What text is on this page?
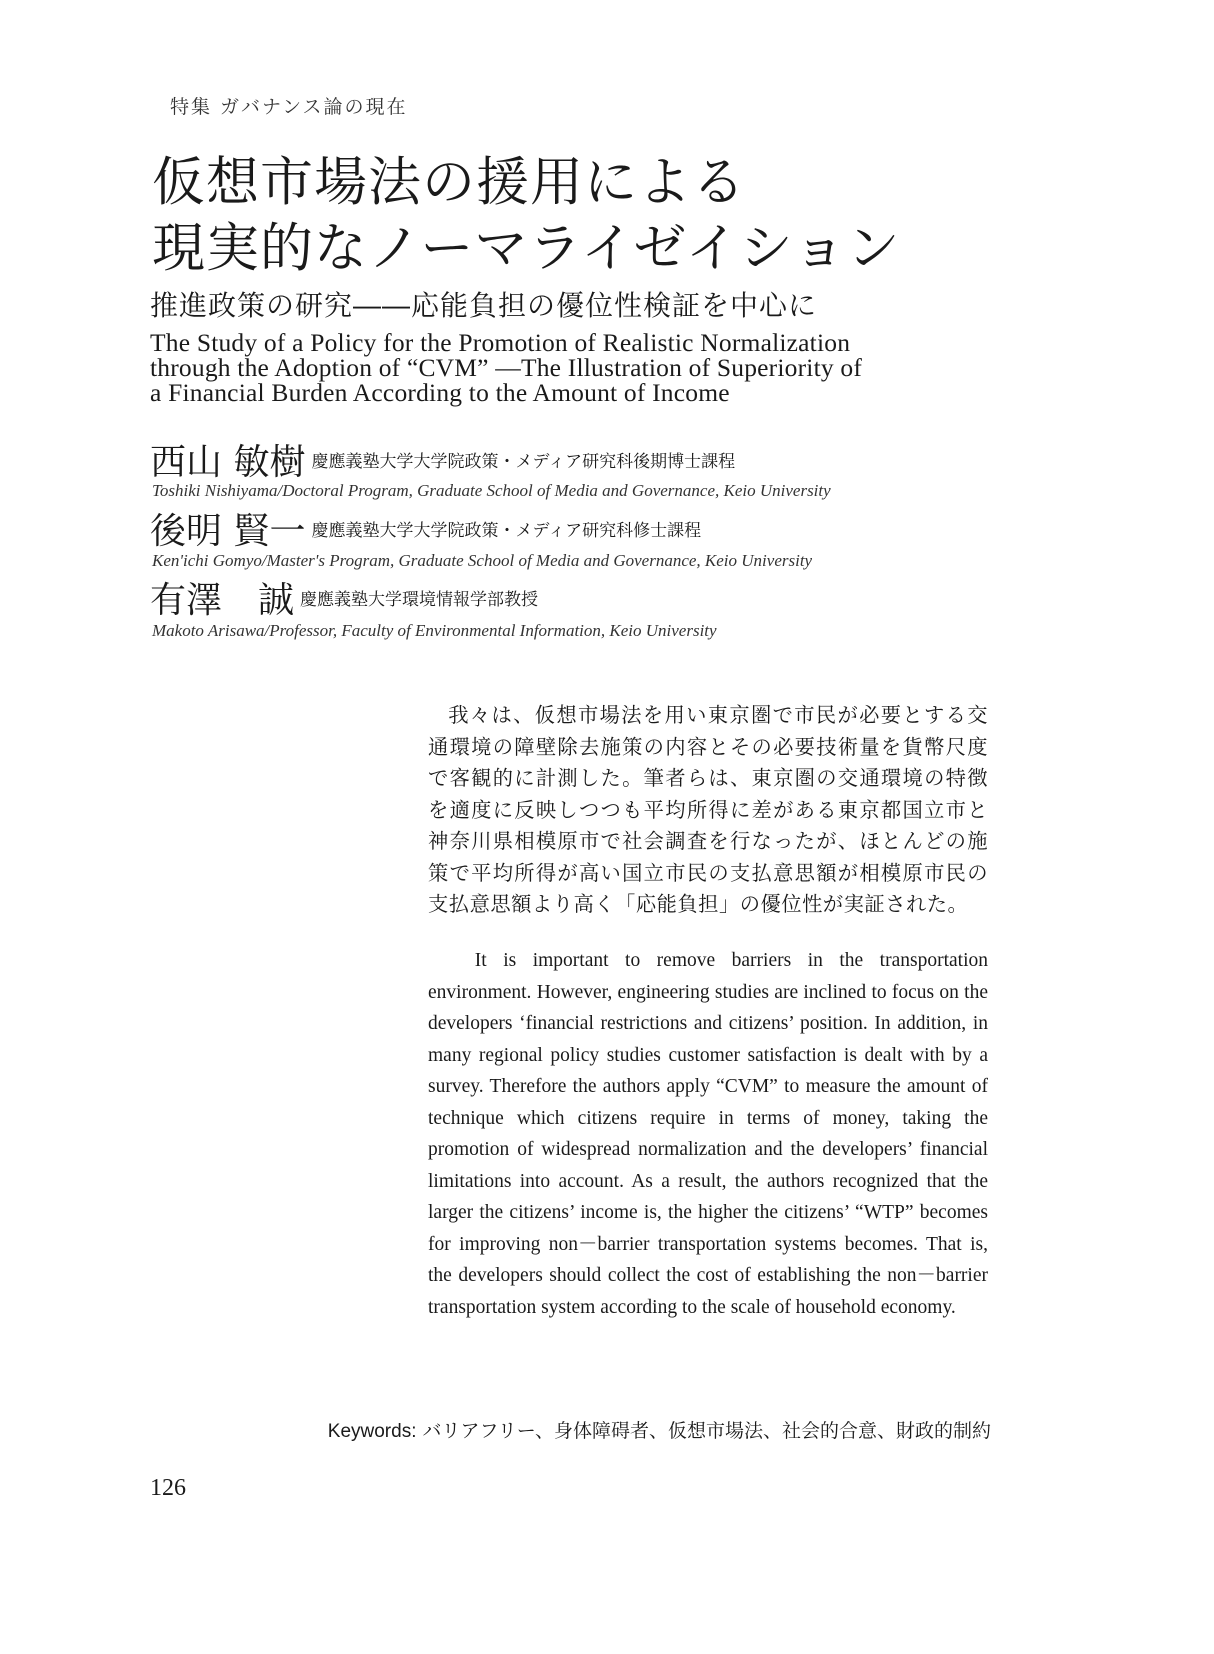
特集 ガバナンス論の現在
仮想市場法の援用による
現実的なノーマライゼイション
推進政策の研究――応能負担の優位性検証を中心に
The Study of a Policy for the Promotion of Realistic Normalization
through the Adoption of “CVM” ―The Illustration of Superiority of
a Financial Burden According to the Amount of Income
西山 敏樹 慶應義塾大学大学院政策・メディア研究科後期博士課程
Toshiki Nishiyama/Doctoral Program, Graduate School of Media and Governance, Keio University
後明 賢一 慶應義塾大学大学院政策・メディア研究科修士課程
Ken'ichi Gomyo/Master's Program, Graduate School of Media and Governance, Keio University
有澤　誠 慶應義塾大学環境情報学部教授
Makoto Arisawa/Professor, Faculty of Environmental Information, Keio University
我々は、仮想市場法を用い東京圏で市民が必要とする交通環境の障壁除去施策の内容とその必要技術量を貨幣尺度で客観的に計測した。筆者らは、東京圏の交通環境の特徴を適度に反映しつつも平均所得に差がある東京都国立市と神奈川県相模原市で社会調査を行なったが、ほとんどの施策で平均所得が高い国立市民の支払意思額が相模原市民の支払意思額より高く「応能負担」の優位性が実証された。
It is important to remove barriers in the transportation environment. However, engineering studies are inclined to focus on the developers ‘financial restrictions and citizens’ position. In addition, in many regional policy studies customer satisfaction is dealt with by a survey. Therefore the authors apply “CVM” to measure the amount of technique which citizens require in terms of money, taking the promotion of widespread normalization and the developers’ financial limitations into account. As a result, the authors recognized that the larger the citizens’ income is, the higher the citizens’ “WTP” becomes for improving non－barrier transportation systems becomes. That is, the developers should collect the cost of establishing the non－barrier transportation system according to the scale of household economy.
Keywords: バリアフリー、身体障碍者、仮想市場法、社会的合意、財政的制約
126
